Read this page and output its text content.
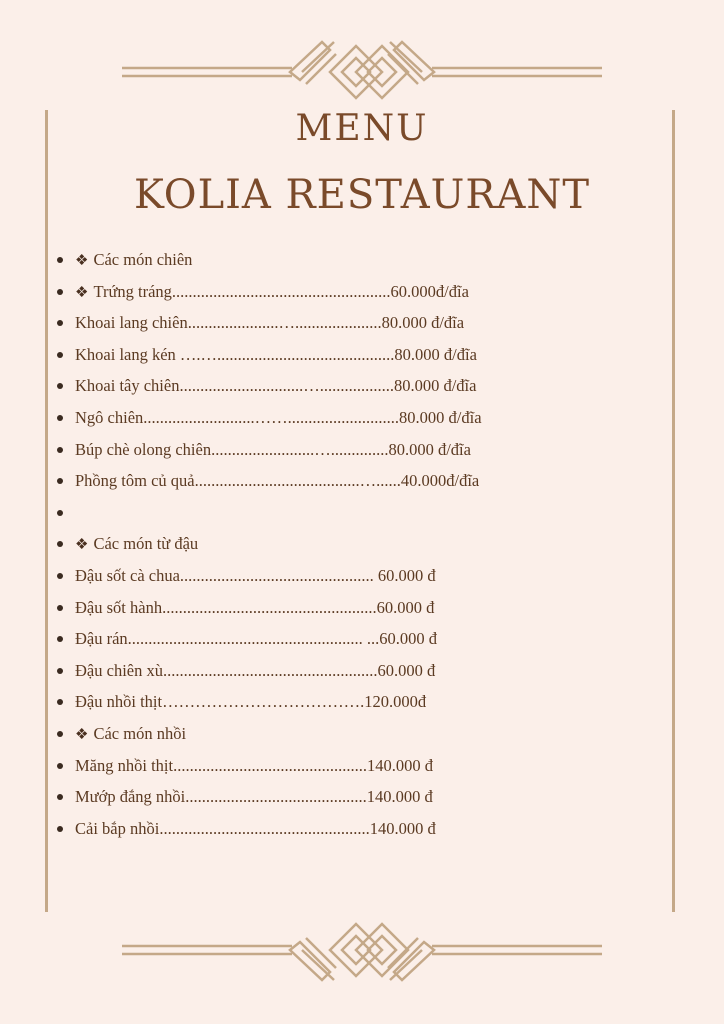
MENU
KOLIA RESTAURANT
❖ Các món chiên
❖ Trứng tráng.....................................................60.000đ/đĩa
Khoai lang chiên......................….....................80.000 đ/đĩa
Khoai lang kén ….…...........................................80.000 đ/đĩa
Khoai tây chiên..............................…..................80.000 đ/đĩa
Ngô chiên...........................……...........................80.000 đ/đĩa
Búp chè olong chiên.........................…..............80.000 đ/đĩa
Phồng tôm củ quả........................................…......40.000đ/đĩa
❖ Các món từ đậu
Đậu sốt cà chua............................................... 60.000 đ
Đậu sốt hành....................................................60.000 đ
Đậu rán......................................................... ...60.000 đ
Đậu chiên xù....................................................60.000 đ
Đậu nhồi thịt……………………………….120.000đ
❖ Các món nhồi
Măng nhồi thịt...............................................140.000 đ
Mướp đắng nhồi............................................140.000 đ
Cải bắp nhồi...................................................140.000 đ
